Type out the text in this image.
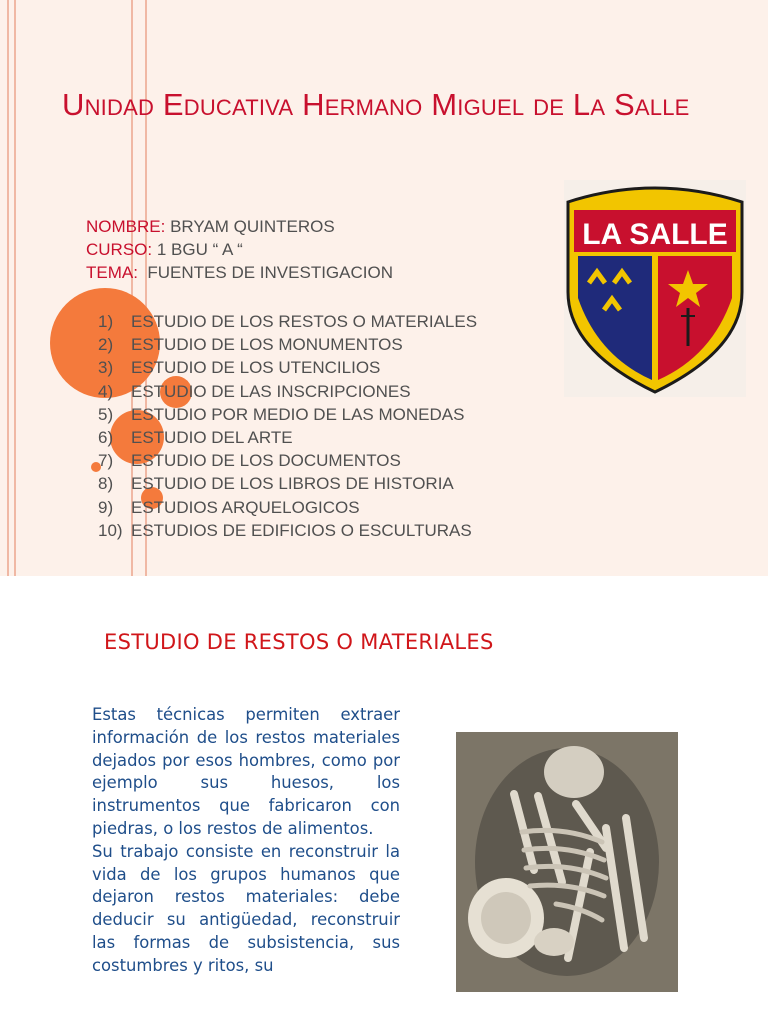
Unidad Educativa Hermano Miguel de La Salle
NOMBRE: BRYAM QUINTEROS
CURSO: 1 BGU “ A “
TEMA:  FUENTES DE INVESTIGACION
1) ESTUDIO DE LOS RESTOS O MATERIALES
2) ESTUDIO DE LOS MONUMENTOS
3) ESTUDIO DE LOS UTENCILIOS
4) ESTUDIO DE LAS INSCRIPCIONES
5) ESTUDIO POR MEDIO DE LAS MONEDAS
6) ESTUDIO DEL ARTE
7) ESTUDIO DE LOS DOCUMENTOS
8) ESTUDIO DE LOS LIBROS DE HISTORIA
9) ESTUDIOS ARQUELOGICOS
10) ESTUDIOS DE EDIFICIOS O ESCULTURAS
LA SALLE
ESTUDIO DE RESTOS O MATERIALES
Estas técnicas permiten extraer información de los restos materiales dejados por esos hombres, como por ejemplo sus huesos, los instrumentos que fabricaron con piedras, o los restos de alimentos.
Su trabajo consiste en reconstruir la vida de los grupos humanos que dejaron restos materiales: debe deducir su antigüedad, reconstruir las formas de subsistencia, sus costumbres y ritos, su
